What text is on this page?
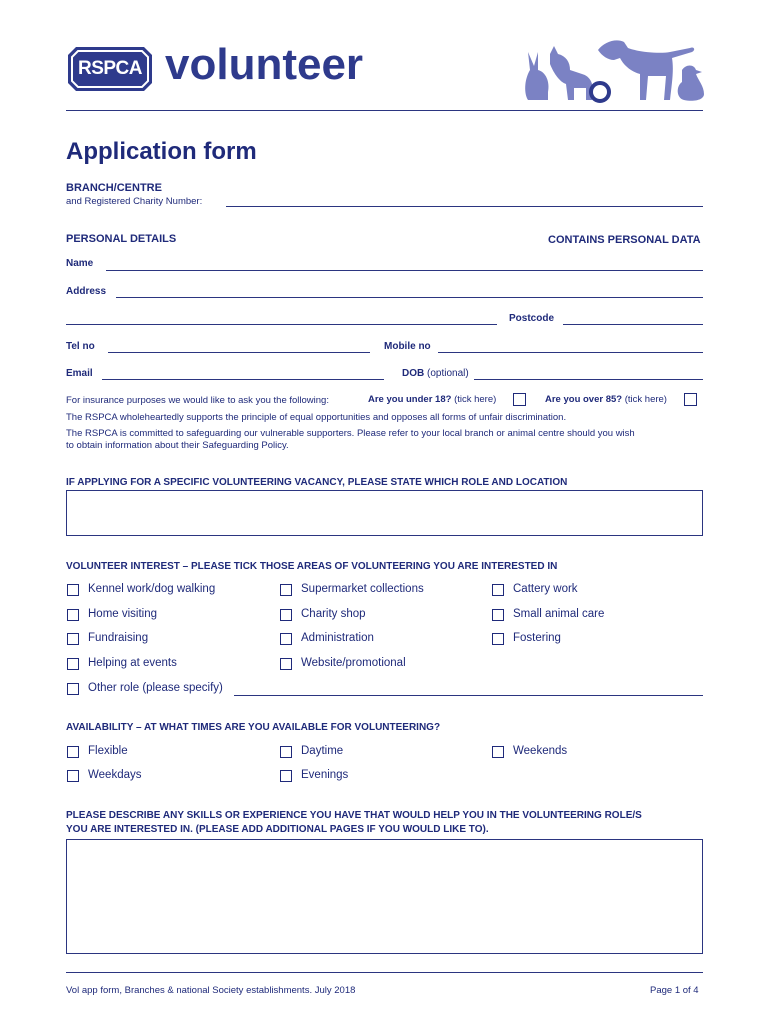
RSPCA volunteer
Application form
BRANCH/CENTRE
and Registered Charity Number:
PERSONAL DETAILS	CONTAINS PERSONAL DATA
Name
Address
Postcode
Tel no	Mobile no
Email	DOB (optional)
For insurance purposes we would like to ask you the following:	Are you under 18? (tick here)	Are you over 85? (tick here)
The RSPCA wholeheartedly supports the principle of equal opportunities and opposes all forms of unfair discrimination.
The RSPCA is committed to safeguarding our vulnerable supporters. Please refer to your local branch or animal centre should you wish
to obtain information about their Safeguarding Policy.
IF APPLYING FOR A SPECIFIC VOLUNTEERING VACANCY, PLEASE STATE WHICH ROLE AND LOCATION
VOLUNTEER INTEREST – PLEASE TICK THOSE AREAS OF VOLUNTEERING YOU ARE INTERESTED IN
Kennel work/dog walking	Supermarket collections	Cattery work
Home visiting	Charity shop	Small animal care
Fundraising	Administration	Fostering
Helping at events	Website/promotional
Other role (please specify)
AVAILABILITY – AT WHAT TIMES ARE YOU AVAILABLE FOR VOLUNTEERING?
Flexible	Daytime	Weekends
Weekdays	Evenings
PLEASE DESCRIBE ANY SKILLS OR EXPERIENCE YOU HAVE THAT WOULD HELP YOU IN THE VOLUNTEERING ROLE/S
YOU ARE INTERESTED IN. (PLEASE ADD ADDITIONAL PAGES IF YOU WOULD LIKE TO).
Vol app form, Branches & national Society establishments. July 2018	Page 1 of 4
